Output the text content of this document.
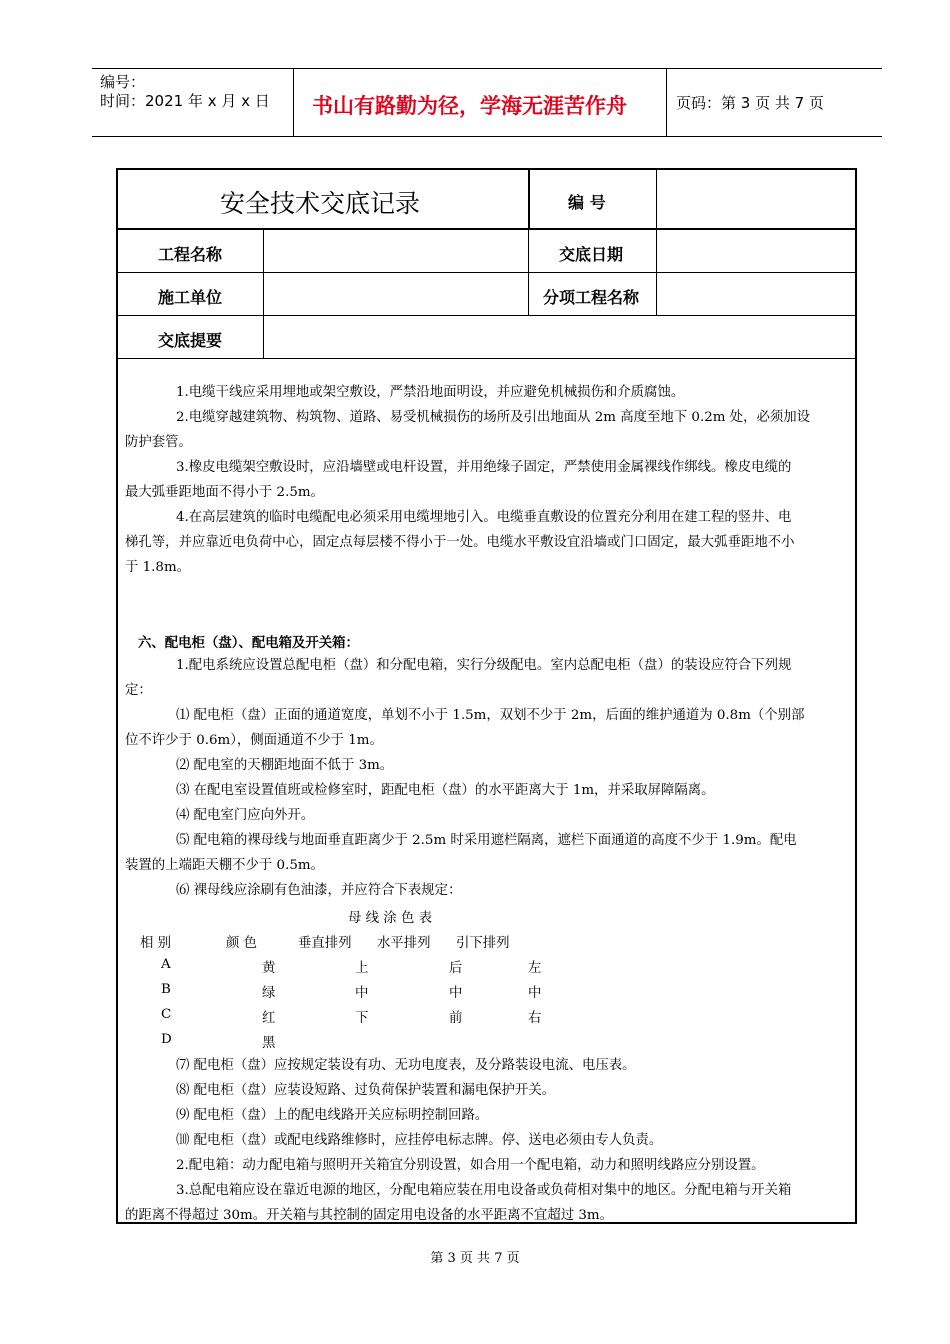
编号：
时间：2021 年 x 月 x 日 书山有路勤为径，学海无涯苦作舟	页码：第 3 页 共 7 页
安全技术交底记录	编 号
工程名称	交底日期
施工单位	分项工程名称
交底提要
1.电缆干线应采用埋地或架空敷设，严禁沿地面明设，并应避免机械损伤和介质腐蚀。
2.电缆穿越建筑物、构筑物、道路、易受机械损伤的场所及引出地面从 2m 高度至地下 0.2m 处，必须加设
防护套管。
3.橡皮电缆架空敷设时，应沿墙壁或电杆设置，并用绝缘子固定，严禁使用金属裸线作绑线。橡皮电缆的
最大弧垂距地面不得小于 2.5m。
4.在高层建筑的临时电缆配电必须采用电缆埋地引入。电缆垂直敷设的位置充分利用在建工程的竖井、电
梯孔等，并应靠近电负荷中心，固定点每层楼不得小于一处。电缆水平敷设宜沿墙或门口固定，最大弧垂距地不小
于 1.8m。
六、配电柜（盘）、配电箱及开关箱：
1.配电系统应设置总配电柜（盘）和分配电箱，实行分级配电。室内总配电柜（盘）的装设应符合下列规
定：
⑴ 配电柜（盘）正面的通道宽度，单划不小于 1.5m，双划不少于 2m，后面的维护通道为 0.8m（个别部
位不许少于 0.6m），侧面通道不少于 1m。
⑵ 配电室的天棚距地面不低于 3m。
⑶ 在配电室设置值班或检修室时，距配电柜（盘）的水平距离大于 1m，并采取屏障隔离。
⑷ 配电室门应向外开。
⑸ 配电箱的裸母线与地面垂直距离少于 2.5m 时采用遮栏隔离，遮栏下面通道的高度不少于 1.9m。配电
装置的上端距天棚不少于 0.5m。
⑹ 裸母线应涂刷有色油漆，并应符合下表规定：
母 线 涂 色 表
相 别	颜 色	垂直排列 水平排列 引下排列
A	黄	上	后	左
B	绿	中	中	中
C	红	下	前	右
D	黑
⑺ 配电柜（盘）应按规定装设有功、无功电度表，及分路装设电流、电压表。
⑻ 配电柜（盘）应装设短路、过负荷保护装置和漏电保护开关。
⑼ 配电柜（盘）上的配电线路开关应标明控制回路。
⑽ 配电柜（盘）或配电线路维修时，应挂停电标志牌。停、送电必须由专人负责。
2.配电箱：动力配电箱与照明开关箱宜分别设置，如合用一个配电箱，动力和照明线路应分别设置。
3.总配电箱应设在靠近电源的地区，分配电箱应装在用电设备或负荷相对集中的地区。分配电箱与开关箱
的距离不得超过 30m。开关箱与其控制的固定用电设备的水平距离不宜超过 3m。
第 3 页 共 7 页
